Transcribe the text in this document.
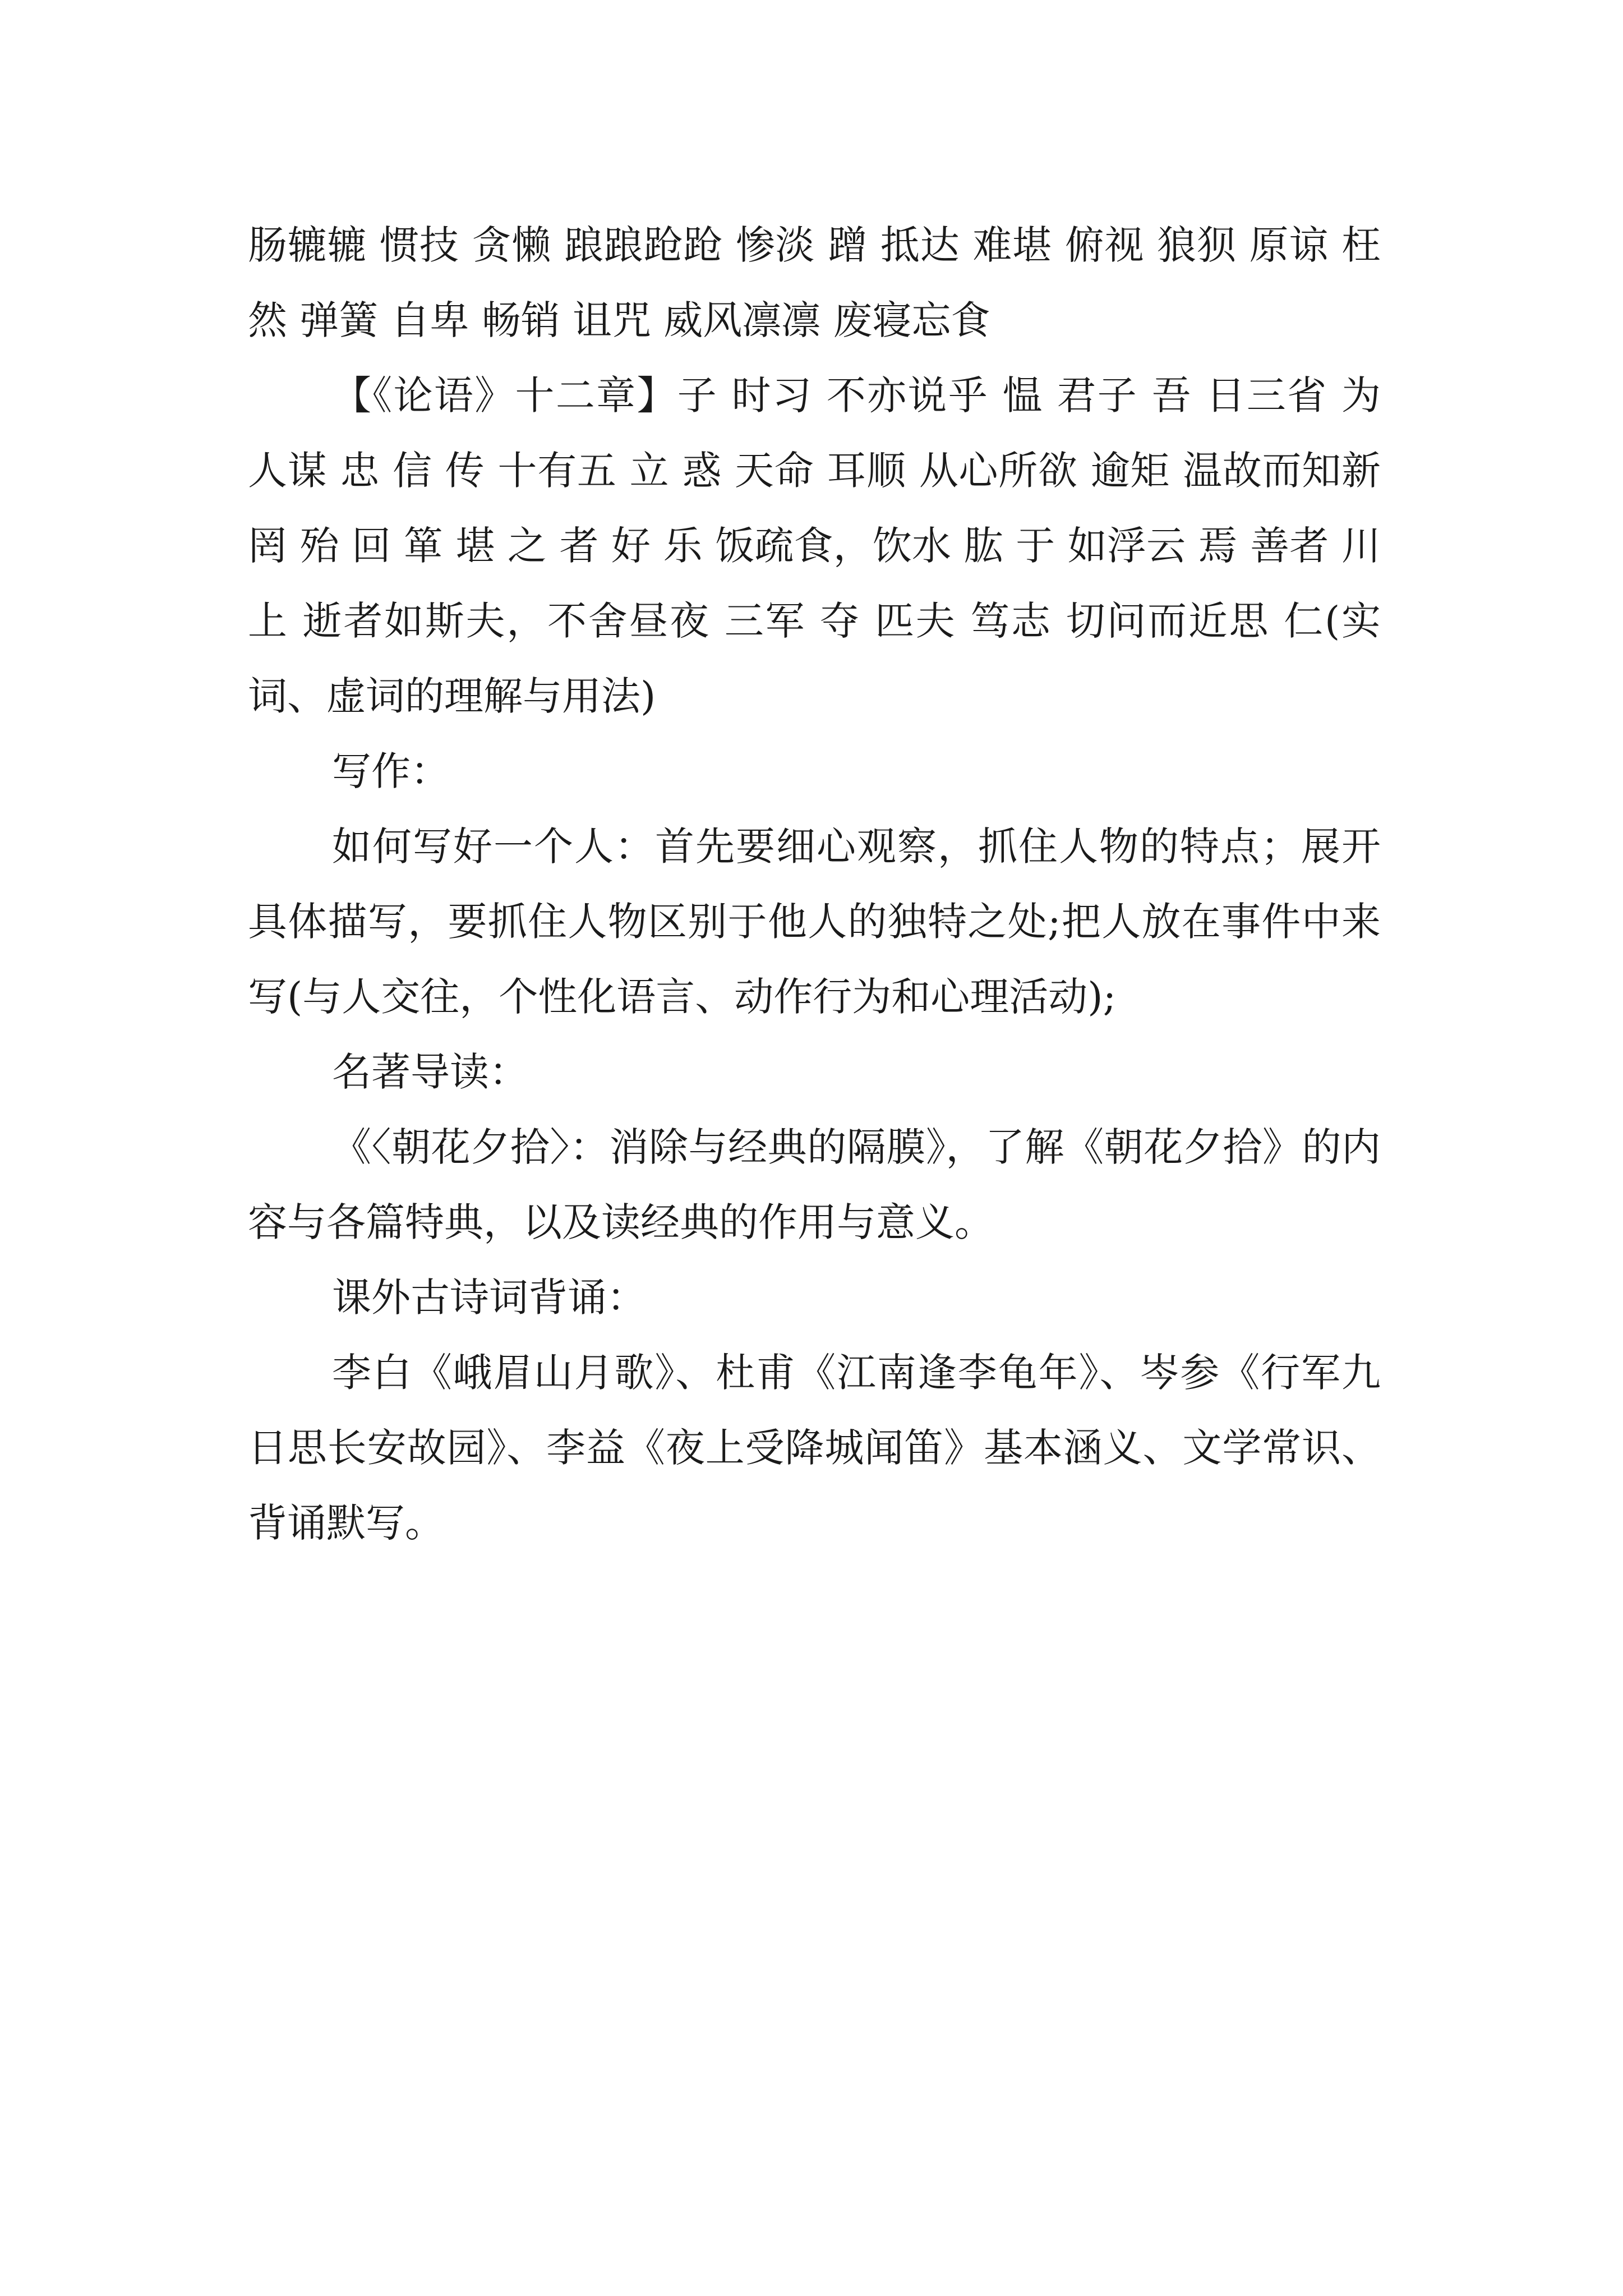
肠辘辘 惯技 贪懒 踉踉跄跄 惨淡 蹭 抵达 难堪 俯视 狼狈 原谅 枉然 弹簧 自卑 畅销 诅咒 威风凛凛 废寝忘食

【《论语》十二章】子 时习 不亦说乎 愠 君子 吾 日三省 为人谋 忠 信 传 十有五 立 惑 天命 耳顺 从心所欲 逾矩 温故而知新 罔 殆 回 箪 堪 之 者 好 乐 饭疏食，饮水 肱 于 如浮云 焉 善者 川上 逝者如斯夫，不舍昼夜 三军 夺 匹夫 笃志 切问而近思 仁(实词、虚词的理解与用法)

写作：

如何写好一个人：首先要细心观察，抓住人物的特点；展开具体描写，要抓住人物区别于他人的独特之处;把人放在事件中来写(与人交往，个性化语言、动作行为和心理活动);

名著导读：

《〈朝花夕拾〉：消除与经典的隔膜》，了解《朝花夕拾》的内容与各篇特典，以及读经典的作用与意义。

课外古诗词背诵：

李白《峨眉山月歌》、杜甫《江南逢李龟年》、岑参《行军九日思长安故园》、李益《夜上受降城闻笛》基本涵义、文学常识、背诵默写。
